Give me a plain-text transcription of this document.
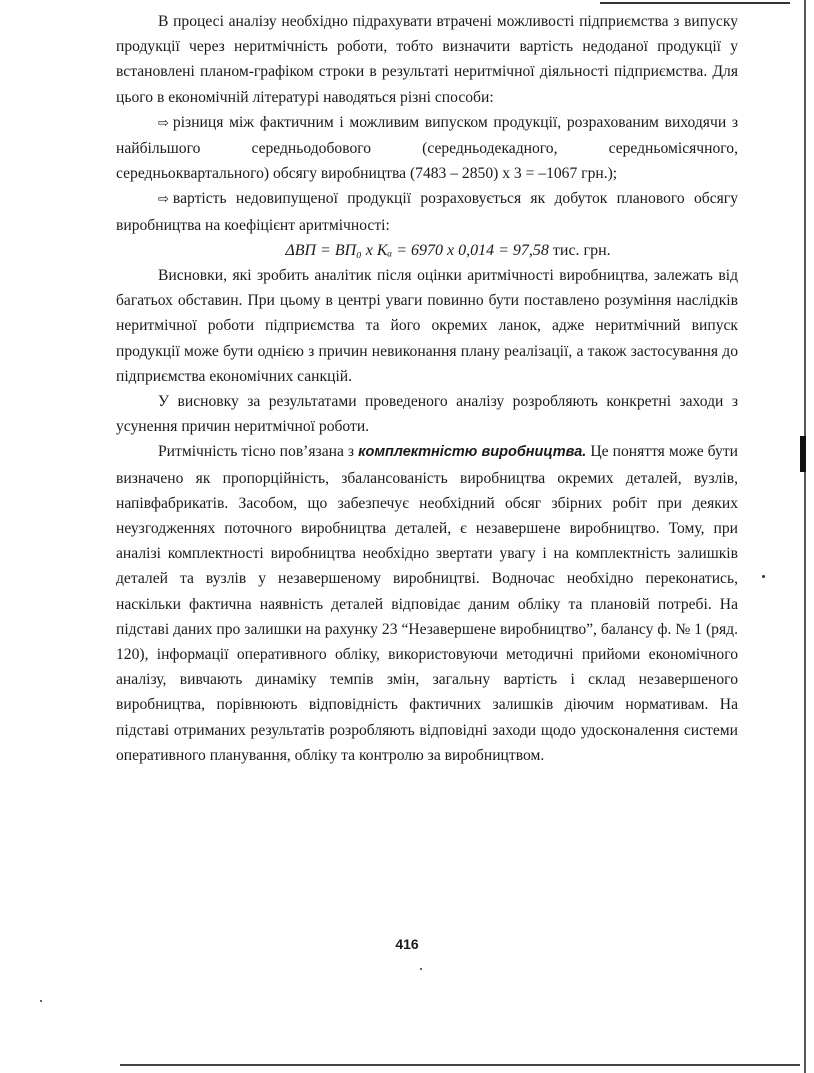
В процесі аналізу необхідно підрахувати втрачені можливості підприємства з випуску продукції через неритмічність роботи, тобто визначити вартість недоданої продукції у встановлені планом-графіком строки в результаті неритмічної діяльності підприємства. Для цього в економічній літературі наводяться різні способи:

⇨ різниця між фактичним і можливим випуском продукції, розрахованим виходячи з найбільшого середньодобового (середньодекадного, середньомісячного, середньоквартального) обсягу виробництва (7483 – 2850) х 3 = –1067 грн.);

⇨ вартість недовипущеної продукції розраховується як добуток планового обсягу виробництва на коефіцієнт аритмічності:

ΔВП = ВП₀ х Kₐ = 6970 х 0,014 = 97,58 тис. грн.

Висновки, які зробить аналітик після оцінки аритмічності виробництва, залежать від багатьох обставин. При цьому в центрі уваги повинно бути поставлено розуміння наслідків неритмічної роботи підприємства та його окремих ланок, адже неритмічний випуск продукції може бути однією з причин невиконання плану реалізації, а також застосування до підприємства економічних санкцій.

У висновку за результатами проведеного аналізу розробляють конкретні заходи з усунення причин неритмічної роботи.

Ритмічність тісно пов’язана з комплектністю виробництва. Це поняття може бути визначено як пропорційність, збалансованість виробництва окремих деталей, вузлів, напівфабрикатів. Засобом, що забезпечує необхідний обсяг збірних робіт при деяких неузгодженнях поточного виробництва деталей, є незавершене виробництво. Тому, при аналізі комплектності виробництва необхідно звертати увагу і на комплектність залишків деталей та вузлів у незавершеному виробництві. Водночас необхідно переконатись, наскільки фактична наявність деталей відповідає даним обліку та плановій потребі. На підставі даних про залишки на рахунку 23 “Незавершене виробництво”, балансу ф. № 1 (ряд. 120), інформації оперативного обліку, використовуючи методичні прийоми економічного аналізу, вивчають динаміку темпів змін, загальну вартість і склад незавершеного виробництва, порівнюють відповідність фактичних залишків діючим нормативам. На підставі отриманих результатів розробляють відповідні заходи щодо удосконалення системи оперативного планування, обліку та контролю за виробництвом.

416
